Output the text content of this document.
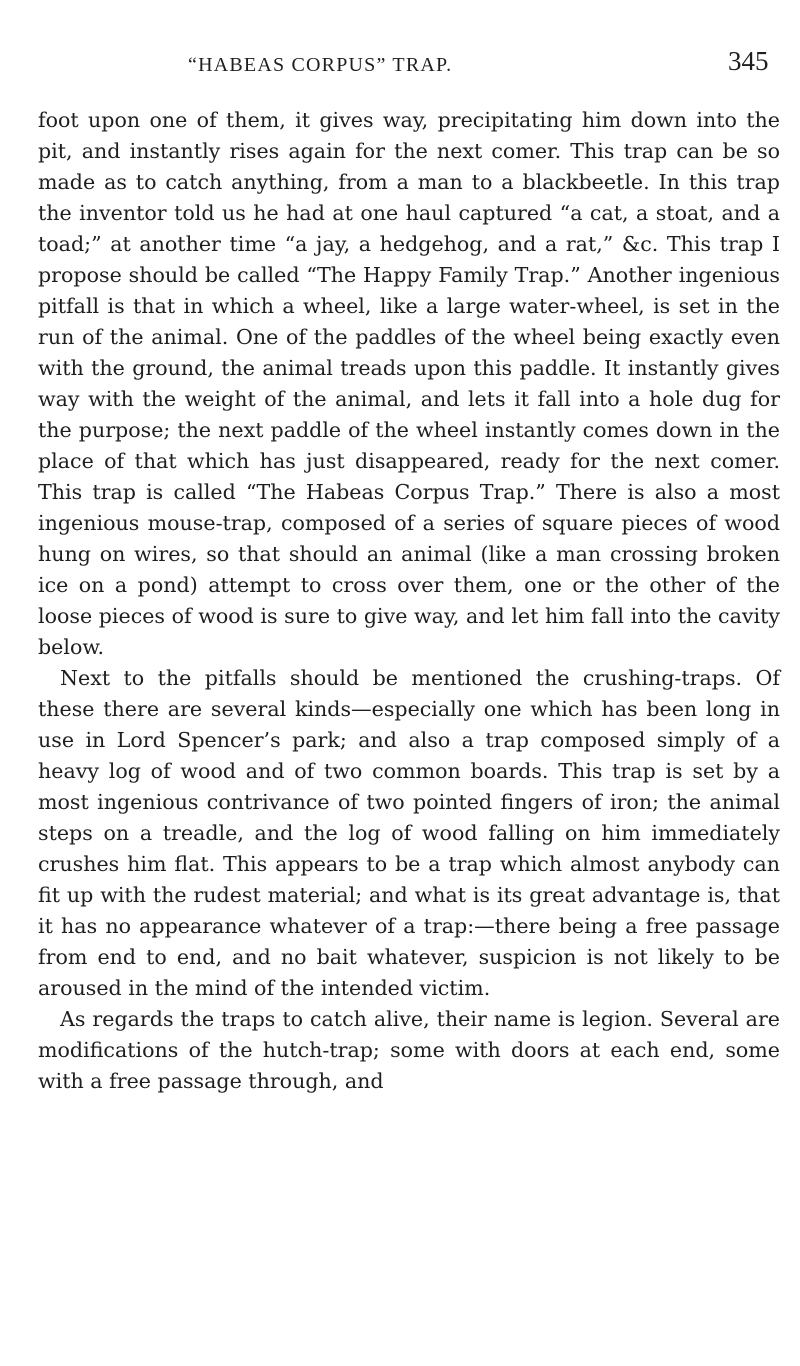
“HABEAS CORPUS” TRAP.	345

foot upon one of them, it gives way, precipitating him down into the pit, and instantly rises again for the next comer. This trap can be so made as to catch anything, from a man to a blackbeetle. In this trap the inventor told us he had at one haul captured “a cat, a stoat, and a toad;” at another time “a jay, a hedgehog, and a rat,” &c. This trap I propose should be called “The Happy Family Trap.” Another ingenious pitfall is that in which a wheel, like a large water-wheel, is set in the run of the animal. One of the paddles of the wheel being exactly even with the ground, the animal treads upon this paddle. It instantly gives way with the weight of the animal, and lets it fall into a hole dug for the purpose; the next paddle of the wheel instantly comes down in the place of that which has just disappeared, ready for the next comer. This trap is called “The Habeas Corpus Trap.” There is also a most ingenious mouse-trap, composed of a series of square pieces of wood hung on wires, so that should an animal (like a man crossing broken ice on a pond) attempt to cross over them, one or the other of the loose pieces of wood is sure to give way, and let him fall into the cavity below.

Next to the pitfalls should be mentioned the crushing-traps. Of these there are several kinds—especially one which has been long in use in Lord Spencer’s park; and also a trap composed simply of a heavy log of wood and of two common boards. This trap is set by a most ingenious contrivance of two pointed fingers of iron; the animal steps on a treadle, and the log of wood falling on him immediately crushes him flat. This appears to be a trap which almost anybody can fit up with the rudest material; and what is its great advantage is, that it has no appearance whatever of a trap:—there being a free passage from end to end, and no bait whatever, suspicion is not likely to be aroused in the mind of the intended victim.

As regards the traps to catch alive, their name is legion. Several are modifications of the hutch-trap; some with doors at each end, some with a free passage through, and
